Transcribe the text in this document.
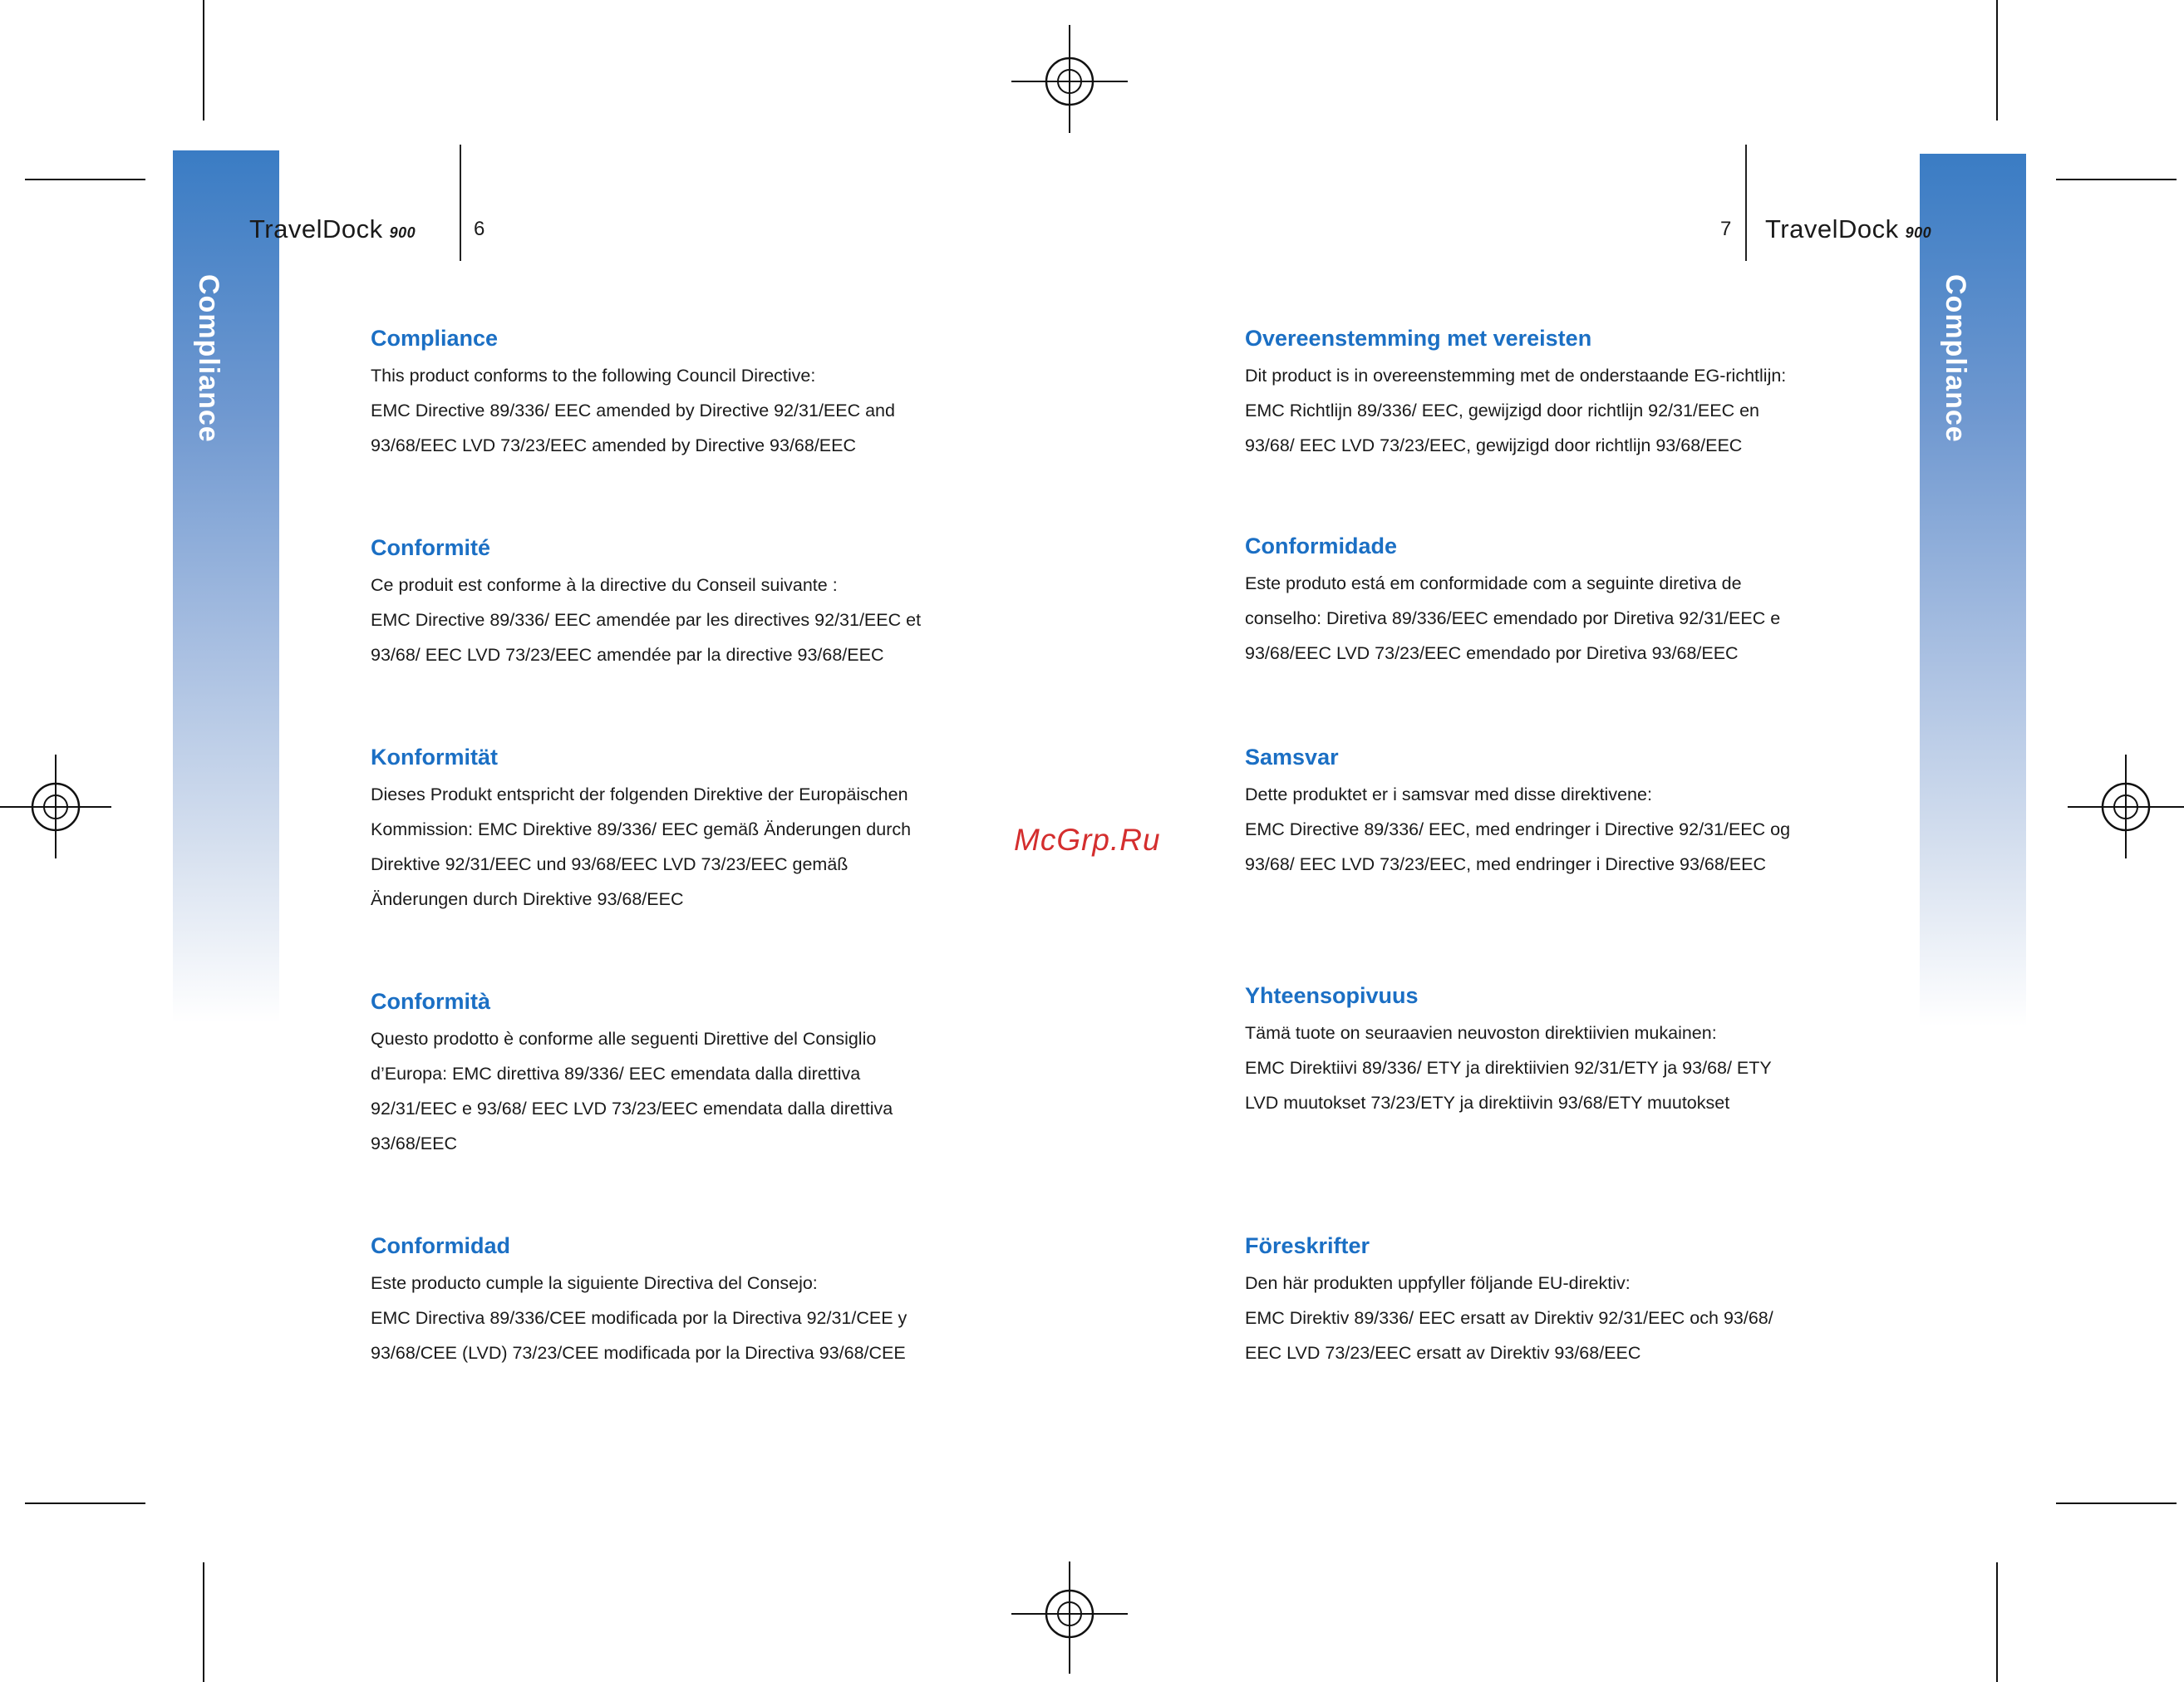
Compliance	Compliance
TravelDock 900	6	7 TravelDock 900
Compliance

This product conforms to the following Council Directive:

EMC Directive 89/336/ EEC amended by Directive 92/31/EEC and

93/68/EEC LVD 73/23/EEC amended by Directive 93/68/EEC

Conformité

Ce produit est conforme à la directive du Conseil suivante :

EMC Directive 89/336/ EEC amendée par les directives 92/31/EEC et

93/68/ EEC LVD 73/23/EEC amendée par la directive 93/68/EEC

Konformität

Dieses Produkt entspricht der folgenden Direktive der Europäischen

Kommission: EMC Direktive 89/336/ EEC gemäß Änderungen durch

Direktive 92/31/EEC und 93/68/EEC LVD 73/23/EEC gemäß

Änderungen durch Direktive 93/68/EEC

Conformità

Questo prodotto è conforme alle seguenti Direttive del Consiglio

d’Europa: EMC direttiva 89/336/ EEC emendata dalla direttiva

92/31/EEC e 93/68/ EEC LVD 73/23/EEC emendata dalla direttiva

93/68/EEC

Conformidad

Este producto cumple la siguiente Directiva del Consejo:

EMC Directiva 89/336/CEE modificada por la Directiva 92/31/CEE y

93/68/CEE (LVD) 73/23/CEE modificada por la Directiva 93/68/CEE

Overeenstemming met vereisten

Dit product is in overeenstemming met de onderstaande EG-richtlijn:

EMC Richtlijn 89/336/ EEC, gewijzigd door richtlijn 92/31/EEC en

93/68/ EEC LVD 73/23/EEC, gewijzigd door richtlijn 93/68/EEC

Conformidade

Este produto está em conformidade com a seguinte diretiva de

conselho: Diretiva 89/336/EEC emendado por Diretiva 92/31/EEC e

93/68/EEC LVD 73/23/EEC emendado por Diretiva 93/68/EEC

Samsvar

Dette produktet er i samsvar med disse direktivene:

EMC Directive 89/336/ EEC, med endringer i Directive 92/31/EEC og

93/68/ EEC LVD 73/23/EEC, med endringer i Directive 93/68/EEC

Yhteensopivuus

Tämä tuote on seuraavien neuvoston direktiivien mukainen:

EMC Direktiivi 89/336/ ETY ja direktiivien 92/31/ETY ja 93/68/ ETY

LVD muutokset 73/23/ETY ja direktiivin 93/68/ETY muutokset

Föreskrifter

Den här produkten uppfyller följande EU-direktiv:

EMC Direktiv 89/336/ EEC ersatt av Direktiv 92/31/EEC och 93/68/

EEC LVD 73/23/EEC ersatt av Direktiv 93/68/EEC

McGrp.Ru
